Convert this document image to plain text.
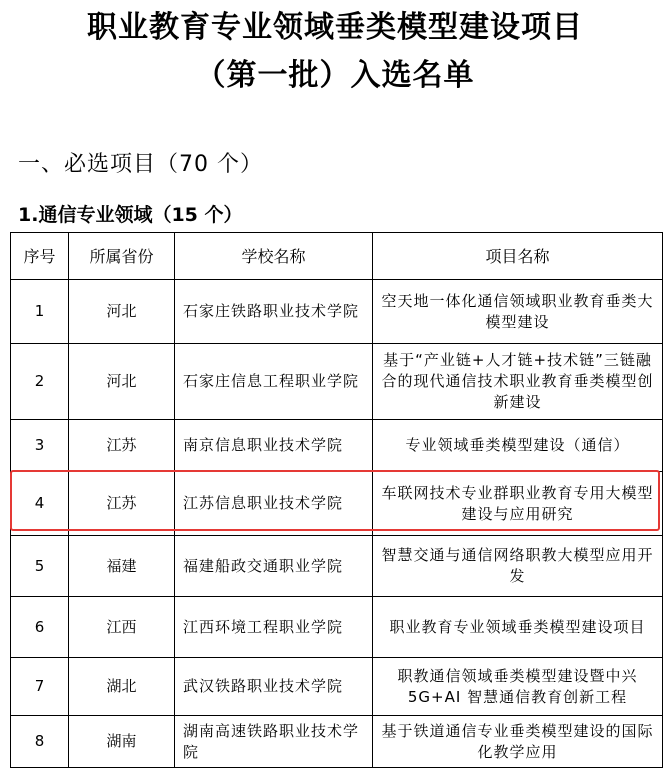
职业教育专业领域垂类模型建设项目
（第一批）入选名单
一、必选项目（70 个）
1.通信专业领域（15 个）
序号	所属省份	学校名称	项目名称
1	河北	石家庄铁路职业技术学院	空天地一体化通信领域职业教育垂类大模型建设
2	河北	石家庄信息工程职业学院	基于“产业链+人才链+技术链”三链融合的现代通信技术职业教育垂类模型创新建设
3	江苏	南京信息职业技术学院	专业领域垂类模型建设（通信）
4	江苏	江苏信息职业技术学院	车联网技术专业群职业教育专用大模型建设与应用研究
5	福建	福建船政交通职业学院	智慧交通与通信网络职教大模型应用开发
6	江西	江西环境工程职业学院	职业教育专业领域垂类模型建设项目
7	湖北	武汉铁路职业技术学院	职教通信领域垂类模型建设暨中兴 5G+AI 智慧通信教育创新工程
8	湖南	湖南高速铁路职业技术学院	基于铁道通信专业垂类模型建设的国际化教学应用
